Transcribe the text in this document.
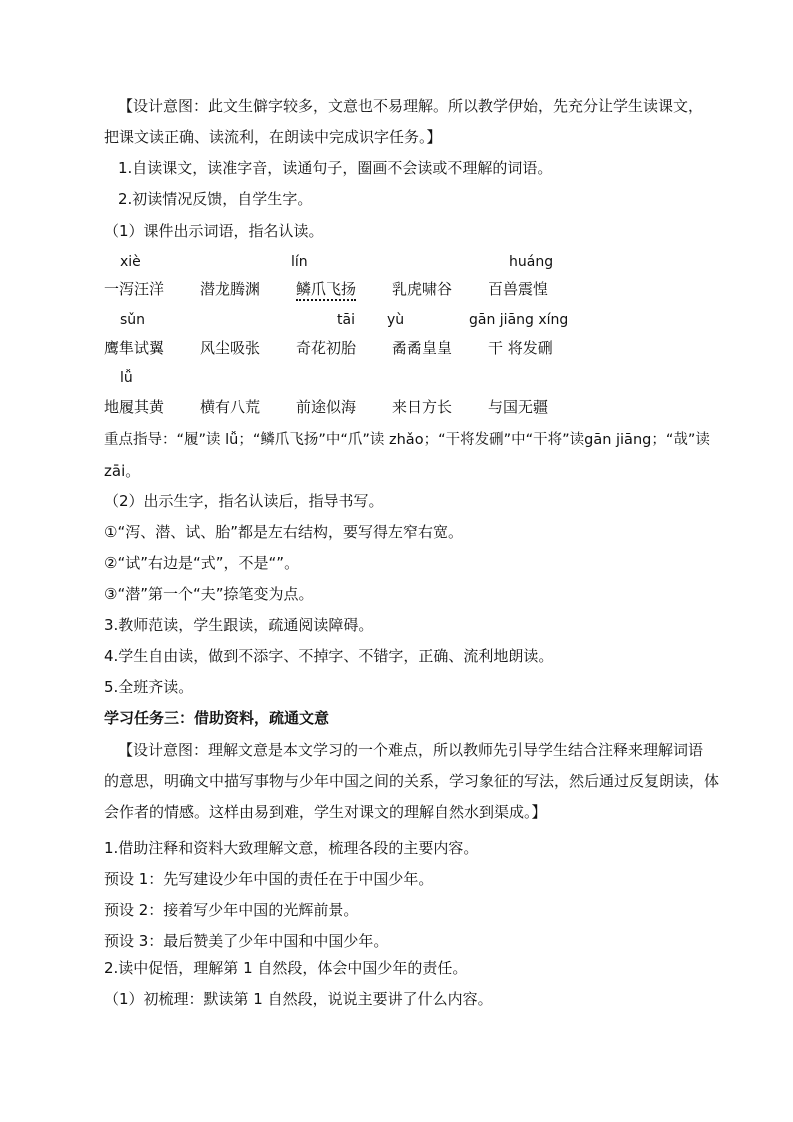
【设计意图：此文生僻字较多，文意也不易理解。所以教学伊始，先充分让学生读课文，
把课文读正确、读流利，在朗读中完成识字任务。】
1.自读课文，读准字音，读通句子，圈画不会读或不理解的词语。
2.初读情况反馈，自学生字。
（1）课件出示词语，指名认读。
xiè	lín	huáng
一泻汪洋 潜龙腾渊 鳞爪飞扬 乳虎啸谷 百兽震惶
sǔn	tāi yù	gān jiāng xíng
鹰隼试翼 风尘吸张 奇花初胎 矞矞皇皇 干 将发硎
lǚ
地履其黄 横有八荒 前途似海 来日方长 与国无疆
重点指导：“履”读 lǚ；“鳞爪飞扬”中“爪”读 zhǎo；“干将发硎”中“干将”读gān jiāng；“哉”读
zāi。
（2）出示生字，指名认读后，指导书写。
①“泻、潜、试、胎”都是左右结构，要写得左窄右宽。
②“试”右边是“式”，不是“”。
③“潜”第一个“夫”捺笔变为点。
3.教师范读，学生跟读，疏通阅读障碍。
4.学生自由读，做到不添字、不掉字、不错字，正确、流利地朗读。
5.全班齐读。
学习任务三：借助资料，疏通文意
【设计意图：理解文意是本文学习的一个难点，所以教师先引导学生结合注释来理解词语
的意思，明确文中描写事物与少年中国之间的关系，学习象征的写法，然后通过反复朗读，体
会作者的情感。这样由易到难，学生对课文的理解自然水到渠成。】
1.借助注释和资料大致理解文意，梳理各段的主要内容。
预设 1：先写建设少年中国的责任在于中国少年。
预设 2：接着写少年中国的光辉前景。
预设 3：最后赞美了少年中国和中国少年。
2.读中促悟，理解第 1 自然段，体会中国少年的责任。
（1）初梳理：默读第 1 自然段，说说主要讲了什么内容。
